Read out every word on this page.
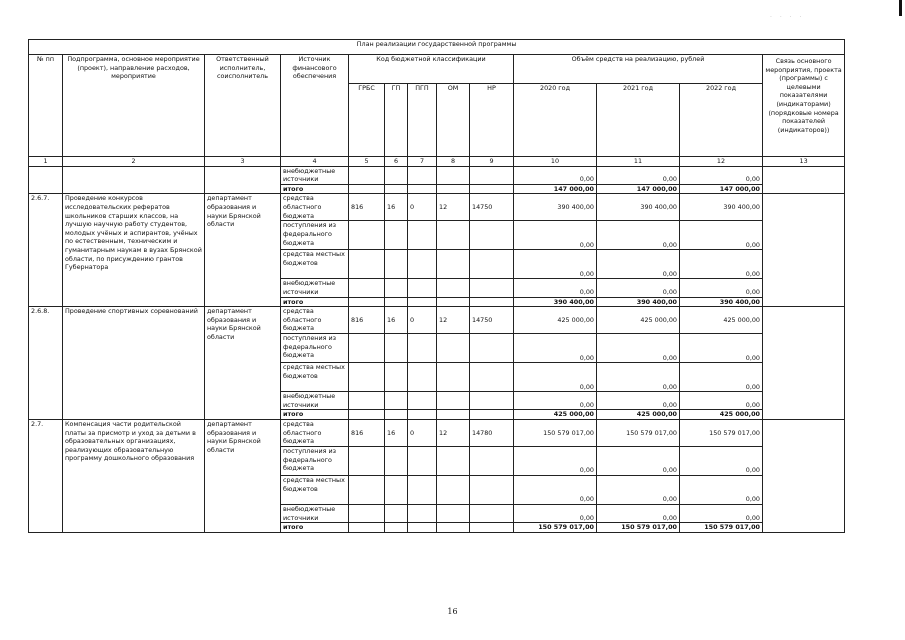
· · · ·
План реализации государственной программы												
№ пп	Подпрограмма, основное мероприятие (проект), направление расходов, мероприятие	Ответственный исполнитель, соисполнитель	Источник финансового обеспечения	Код бюджетной классификации					Объём средств на реализацию, рублей			Связь основного мероприятия, проекта (программы) с целевыми показателями (индикаторами) (порядковые номера показателей (индикаторов))
				ГРБС	ГП	ПГП	ОМ	НР	2020 год	2021 год	2022 год	
1	2	3	4	5	6	7	8	9	10	11	12	13
			внебюджетные источники						0,00	0,00	0,00	
			итого						147 000,00	147 000,00	147 000,00	
2.6.7.	Проведение конкурсов исследовательских рефератов школьников старших классов, на лучшую научную работу студентов, молодых учёных и аспирантов, учёных по естественным, техническим и гуманитарным наукам в вузах Брянской области, по присуждению грантов Губернатора	департамент образования и науки Брянской области	средства областного бюджета	816	16	0	12	14750	390 400,00	390 400,00	390 400,00	
			поступления из федерального бюджета						0,00	0,00	0,00	
			средства местных бюджетов						0,00	0,00	0,00	
			внебюджетные источники						0,00	0,00	0,00	
			итого						390 400,00	390 400,00	390 400,00	
2.6.8.	Проведение спортивных соревнований	департамент образования и науки Брянской области	средства областного бюджета	816	16	0	12	14750	425 000,00	425 000,00	425 000,00	
			поступления из федерального бюджета						0,00	0,00	0,00	
			средства местных бюджетов						0,00	0,00	0,00	
			внебюджетные источники						0,00	0,00	0,00	
			итого						425 000,00	425 000,00	425 000,00	
2.7.	Компенсация части родительской платы за присмотр и уход за детьми в образовательных организациях, реализующих образовательную программу дошкольного образования	департамент образования и науки Брянской области	средства областного бюджета	816	16	0	12	14780	150 579 017,00	150 579 017,00	150 579 017,00	
			поступления из федерального бюджета						0,00	0,00	0,00	
			средства местных бюджетов						0,00	0,00	0,00	
			внебюджетные источники						0,00	0,00	0,00	
			итого						150 579 017,00	150 579 017,00	150 579 017,00	
16
